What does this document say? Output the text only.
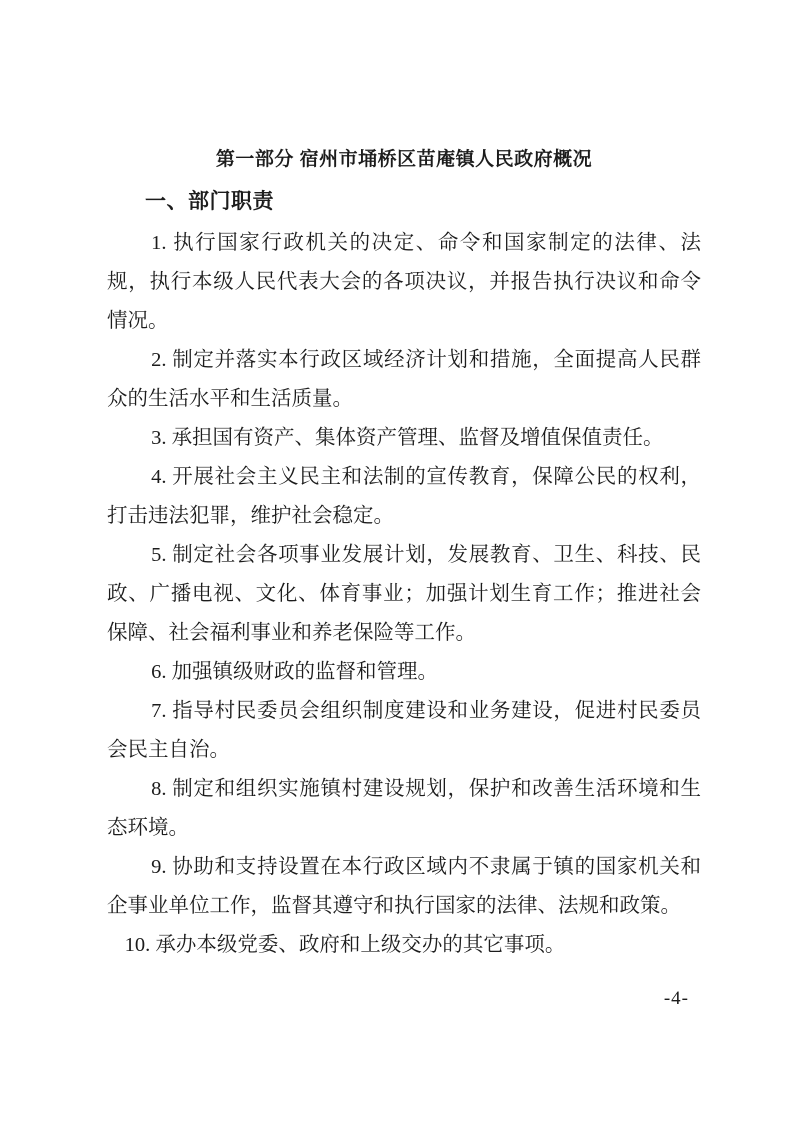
第一部分 宿州市埇桥区苗庵镇人民政府概况
一、部门职责

1. 执行国家行政机关的决定、命令和国家制定的法律、法规，执行本级人民代表大会的各项决议，并报告执行决议和命令情况。

2. 制定并落实本行政区域经济计划和措施，全面提高人民群众的生活水平和生活质量。

3. 承担国有资产、集体资产管理、监督及增值保值责任。

4. 开展社会主义民主和法制的宣传教育，保障公民的权利，打击违法犯罪，维护社会稳定。

5. 制定社会各项事业发展计划，发展教育、卫生、科技、民政、广播电视、文化、体育事业；加强计划生育工作；推进社会保障、社会福利事业和养老保险等工作。

6. 加强镇级财政的监督和管理。

7. 指导村民委员会组织制度建设和业务建设，促进村民委员会民主自治。

8. 制定和组织实施镇村建设规划，保护和改善生活环境和生态环境。

9. 协助和支持设置在本行政区域内不隶属于镇的国家机关和企事业单位工作，监督其遵守和执行国家的法律、法规和政策。

10. 承办本级党委、政府和上级交办的其它事项。

-4-
